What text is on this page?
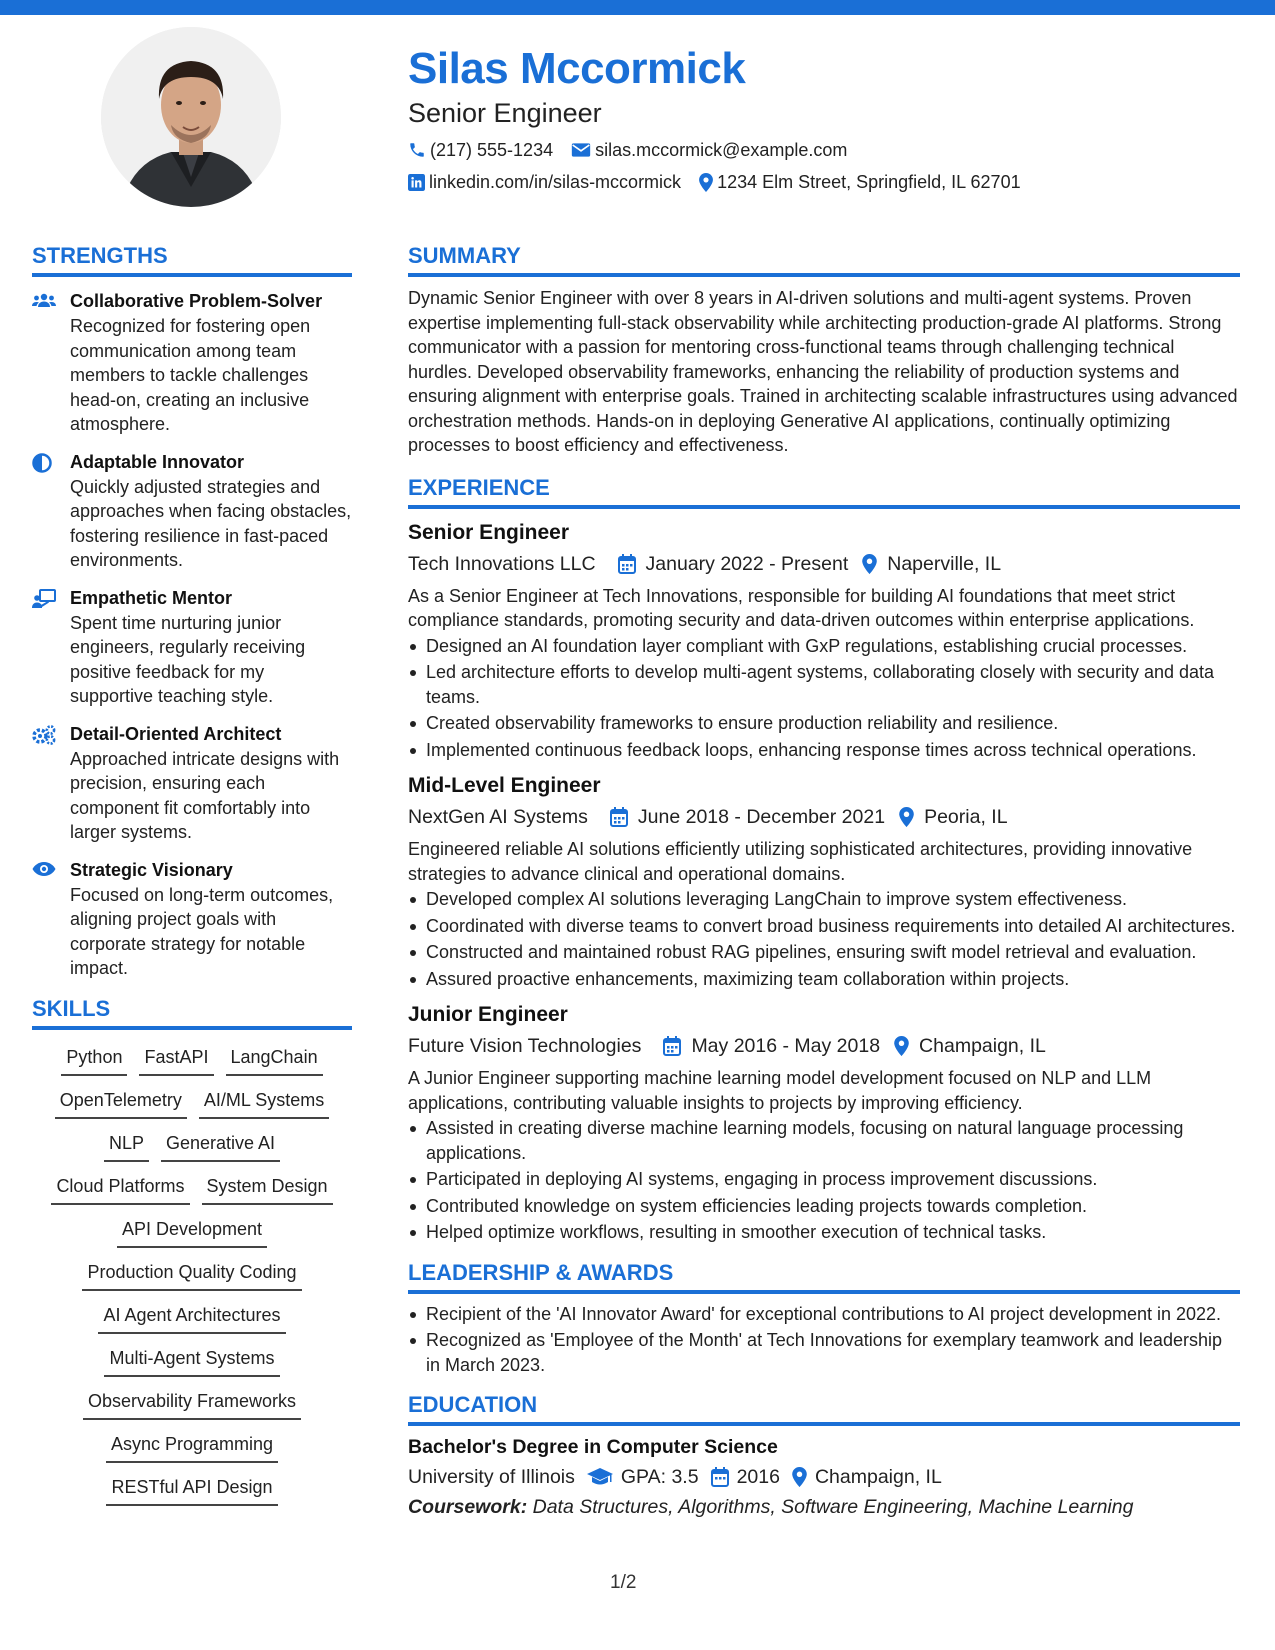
Silas Mccormick
Senior Engineer
(217) 555-1234 silas.mccormick@example.com
linkedin.com/in/silas-mccormick 1234 Elm Street, Springfield, IL 62701
STRENGTHS
Collaborative Problem-Solver
Recognized for fostering open communication among team members to tackle challenges head-on, creating an inclusive atmosphere.
Adaptable Innovator
Quickly adjusted strategies and approaches when facing obstacles, fostering resilience in fast-paced environments.
Empathetic Mentor
Spent time nurturing junior engineers, regularly receiving positive feedback for my supportive teaching style.
Detail-Oriented Architect
Approached intricate designs with precision, ensuring each component fit comfortably into larger systems.
Strategic Visionary
Focused on long-term outcomes, aligning project goals with corporate strategy for notable impact.
SKILLS
Python FastAPI LangChain
OpenTelemetry AI/ML Systems
NLP Generative AI
Cloud Platforms System Design
API Development
Production Quality Coding
AI Agent Architectures
Multi-Agent Systems
Observability Frameworks
Async Programming
RESTful API Design
SUMMARY
Dynamic Senior Engineer with over 8 years in AI-driven solutions and multi-agent systems. Proven expertise implementing full-stack observability while architecting production-grade AI platforms. Strong communicator with a passion for mentoring cross-functional teams through challenging technical hurdles. Developed observability frameworks, enhancing the reliability of production systems and ensuring alignment with enterprise goals. Trained in architecting scalable infrastructures using advanced orchestration methods. Hands-on in deploying Generative AI applications, continually optimizing processes to boost efficiency and effectiveness.
EXPERIENCE
Senior Engineer
Tech Innovations LLC	January 2022 - Present Naperville, IL
As a Senior Engineer at Tech Innovations, responsible for building AI foundations that meet strict compliance standards, promoting security and data-driven outcomes within enterprise applications.
Designed an AI foundation layer compliant with GxP regulations, establishing crucial processes.
Led architecture efforts to develop multi-agent systems, collaborating closely with security and data teams.
Created observability frameworks to ensure production reliability and resilience.
Implemented continuous feedback loops, enhancing response times across technical operations.
Mid-Level Engineer
NextGen AI Systems	June 2018 - December 2021 Peoria, IL
Engineered reliable AI solutions efficiently utilizing sophisticated architectures, providing innovative strategies to advance clinical and operational domains.
Developed complex AI solutions leveraging LangChain to improve system effectiveness.
Coordinated with diverse teams to convert broad business requirements into detailed AI architectures.
Constructed and maintained robust RAG pipelines, ensuring swift model retrieval and evaluation.
Assured proactive enhancements, maximizing team collaboration within projects.
Junior Engineer
Future Vision Technologies	May 2016 - May 2018 Champaign, IL
A Junior Engineer supporting machine learning model development focused on NLP and LLM applications, contributing valuable insights to projects by improving efficiency.
Assisted in creating diverse machine learning models, focusing on natural language processing applications.
Participated in deploying AI systems, engaging in process improvement discussions.
Contributed knowledge on system efficiencies leading projects towards completion.
Helped optimize workflows, resulting in smoother execution of technical tasks.
LEADERSHIP & AWARDS
Recipient of the 'AI Innovator Award' for exceptional contributions to AI project development in 2022.
Recognized as 'Employee of the Month' at Tech Innovations for exemplary teamwork and leadership in March 2023.
EDUCATION
Bachelor's Degree in Computer Science
University of Illinois GPA: 3.5 2016 Champaign, IL
Coursework: Data Structures, Algorithms, Software Engineering, Machine Learning
1/2
